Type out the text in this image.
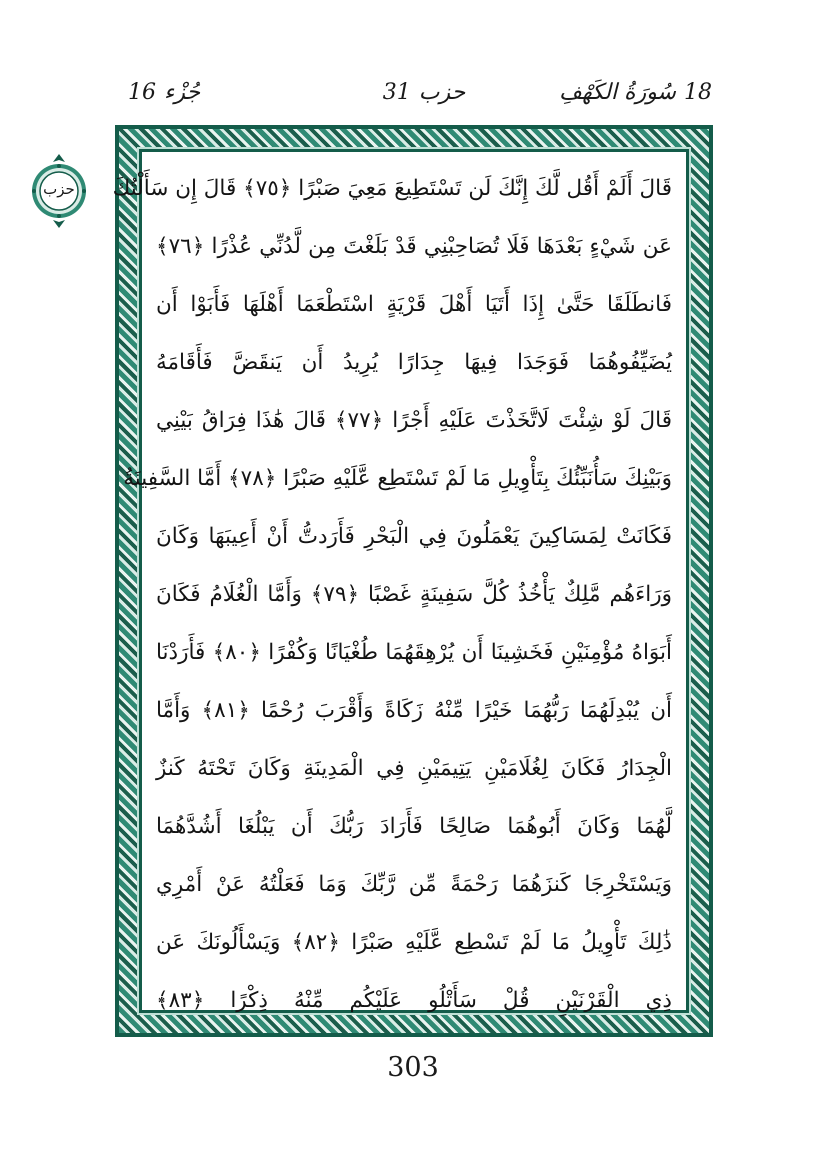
18سُورَةُ الكَهْفِ
حزب31
جُزْء16
حزب	قَالَ أَلَمْ أَقُل لَّكَ إِنَّكَ لَن تَسْتَطِيعَ مَعِيَ صَبْرًا ﴿٧٥﴾ قَالَ إِن سَأَلْتُكَ
عَن شَيْءٍ بَعْدَهَا فَلَا تُصَاحِبْنِي قَدْ بَلَغْتَ مِن لَّدُنِّي عُذْرًا ﴿٧٦﴾
فَانطَلَقَا حَتَّىٰ إِذَا أَتَيَا أَهْلَ قَرْيَةٍ اسْتَطْعَمَا أَهْلَهَا فَأَبَوْا أَن
يُضَيِّفُوهُمَا فَوَجَدَا فِيهَا جِدَارًا يُرِيدُ أَن يَنقَضَّ فَأَقَامَهُ
قَالَ لَوْ شِئْتَ لَاتَّخَذْتَ عَلَيْهِ أَجْرًا ﴿٧٧﴾ قَالَ هَٰذَا فِرَاقُ بَيْنِي
وَبَيْنِكَ سَأُنَبِّئُكَ بِتَأْوِيلِ مَا لَمْ تَسْتَطِع عَّلَيْهِ صَبْرًا ﴿٧٨﴾ أَمَّا السَّفِينَةُ
فَكَانَتْ لِمَسَاكِينَ يَعْمَلُونَ فِي الْبَحْرِ فَأَرَدتُّ أَنْ أَعِيبَهَا وَكَانَ
وَرَاءَهُم مَّلِكٌ يَأْخُذُ كُلَّ سَفِينَةٍ غَصْبًا ﴿٧٩﴾ وَأَمَّا الْغُلَامُ فَكَانَ
أَبَوَاهُ مُؤْمِنَيْنِ فَخَشِينَا أَن يُرْهِقَهُمَا طُغْيَانًا وَكُفْرًا ﴿٨٠﴾ فَأَرَدْنَا
أَن يُبْدِلَهُمَا رَبُّهُمَا خَيْرًا مِّنْهُ زَكَاةً وَأَقْرَبَ رُحْمًا ﴿٨١﴾ وَأَمَّا
الْجِدَارُ فَكَانَ لِغُلَامَيْنِ يَتِيمَيْنِ فِي الْمَدِينَةِ وَكَانَ تَحْتَهُ كَنزٌ
لَّهُمَا وَكَانَ أَبُوهُمَا صَالِحًا فَأَرَادَ رَبُّكَ أَن يَبْلُغَا أَشُدَّهُمَا
وَيَسْتَخْرِجَا كَنزَهُمَا رَحْمَةً مِّن رَّبِّكَ وَمَا فَعَلْتُهُ عَنْ أَمْرِي
ذَٰلِكَ تَأْوِيلُ مَا لَمْ تَسْطِع عَّلَيْهِ صَبْرًا ﴿٨٢﴾ وَيَسْأَلُونَكَ عَن
ذِي الْقَرْنَيْنِ قُلْ سَأَتْلُو عَلَيْكُم مِّنْهُ ذِكْرًا ﴿٨٣﴾
303
